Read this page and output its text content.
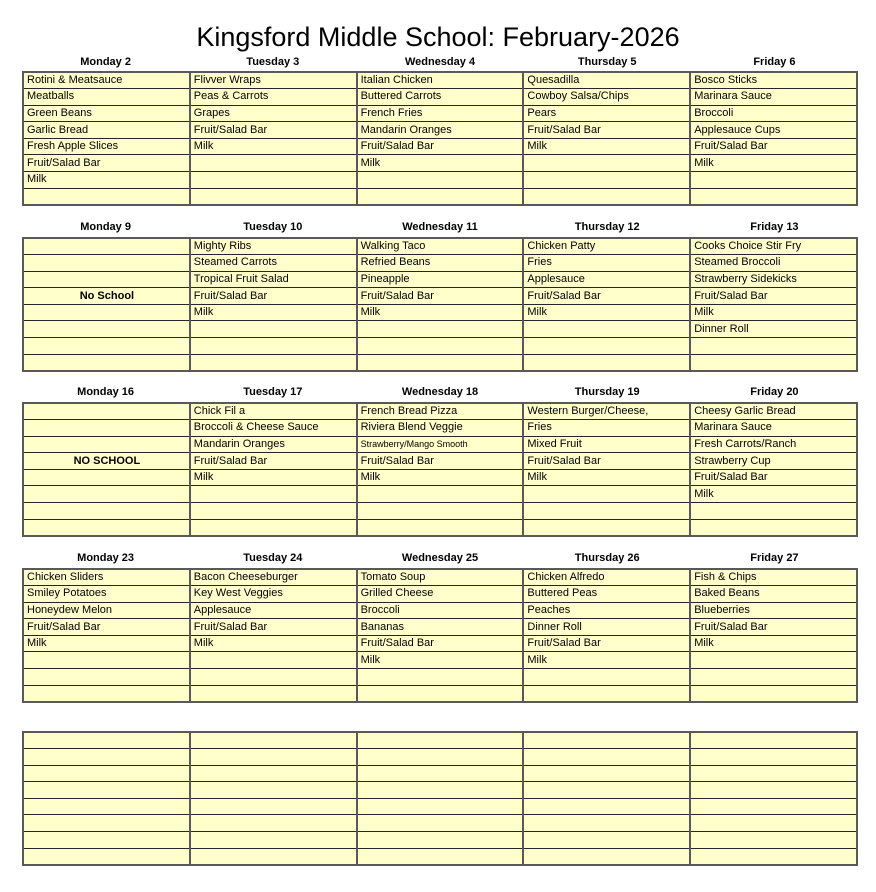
Kingsford Middle School: February-2026
Monday 2	Tuesday 3	Wednesday 4	Thursday 5	Friday 6
Rotini & Meatsauce	Flivver Wraps	Italian Chicken	Quesadilla	Bosco Sticks
Meatballs	Peas & Carrots	Buttered Carrots	Cowboy Salsa/Chips	Marinara Sauce
Green Beans	Grapes	French Fries	Pears	Broccoli
Garlic Bread	Fruit/Salad Bar	Mandarin Oranges	Fruit/Salad Bar	Applesauce Cups
Fresh Apple Slices	Milk	Fruit/Salad Bar	Milk	Fruit/Salad Bar
Fruit/Salad Bar		Milk		Milk
Milk				

Monday 9	Tuesday 10	Wednesday 11	Thursday 12	Friday 13
	Mighty Ribs	Walking Taco	Chicken Patty	Cooks Choice Stir Fry
	Steamed Carrots	Refried Beans	Fries	Steamed Broccoli
	Tropical Fruit Salad	Pineapple	Applesauce	Strawberry Sidekicks
No School	Fruit/Salad Bar	Fruit/Salad Bar	Fruit/Salad Bar	Fruit/Salad Bar
	Milk	Milk	Milk	Milk
				Dinner Roll

Monday 16	Tuesday 17	Wednesday 18	Thursday 19	Friday 20
	Chick Fil a	French Bread Pizza	Western Burger/Cheese,	Cheesy Garlic Bread
	Broccoli & Cheese Sauce	Riviera Blend Veggie	Fries	Marinara Sauce
	Mandarin Oranges	Strawberry/Mango Smooth	Mixed Fruit	Fresh Carrots/Ranch
NO SCHOOL	Fruit/Salad Bar	Fruit/Salad Bar	Fruit/Salad Bar	Strawberry Cup
	Milk	Milk	Milk	Fruit/Salad Bar
				Milk

Monday 23	Tuesday 24	Wednesday 25	Thursday 26	Friday 27
Chicken Sliders	Bacon Cheeseburger	Tomato Soup	Chicken Alfredo	Fish & Chips
Smiley Potatoes	Key West Veggies	Grilled Cheese	Buttered Peas	Baked Beans
Honeydew Melon	Applesauce	Broccoli	Peaches	Blueberries
Fruit/Salad Bar	Fruit/Salad Bar	Bananas	Dinner Roll	Fruit/Salad Bar
Milk	Milk	Fruit/Salad Bar	Fruit/Salad Bar	Milk
		Milk	Milk	
